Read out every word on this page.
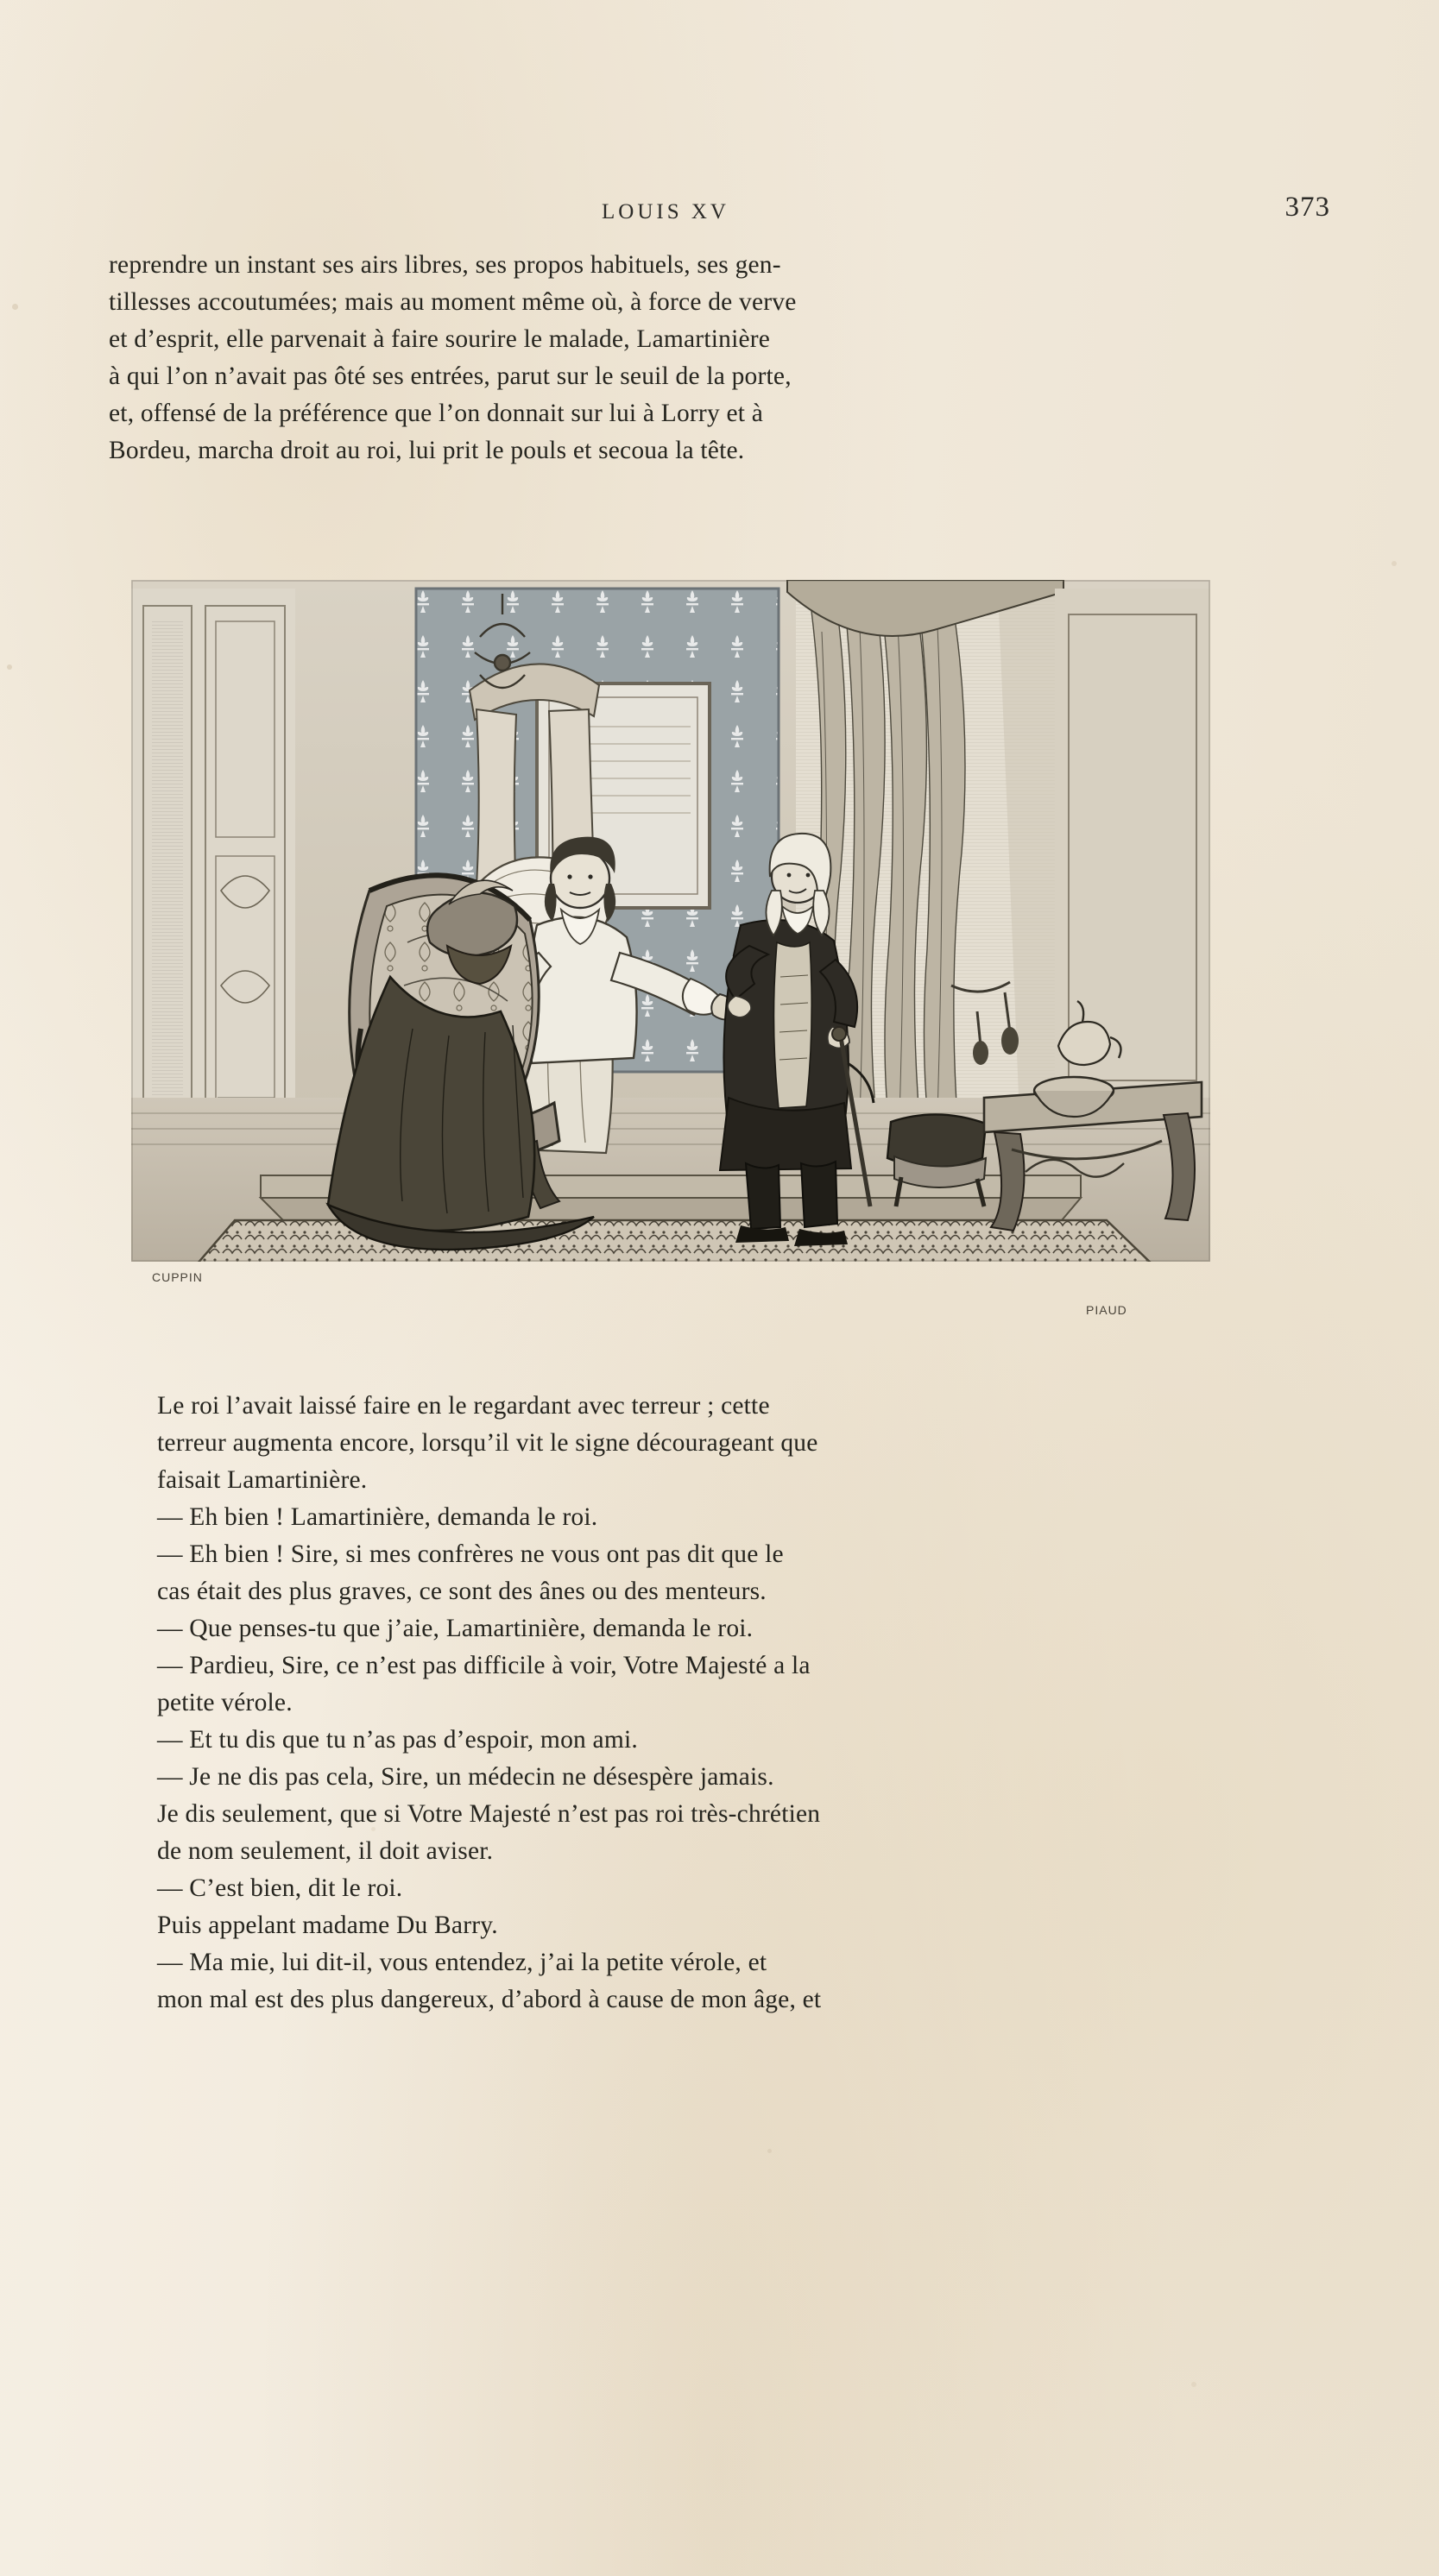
LOUIS XV	373

reprendre un instant ses airs libres, ses propos habituels, ses gen-
tillesses accoutumées; mais au moment même où, à force de verve
et d’esprit, elle parvenait à faire sourire le malade, Lamartinière
à qui l’on n’avait pas ôté ses entrées, parut sur le seuil de la porte,
et, offensé de la préférence que l’on donnait sur lui à Lorry et à
Bordeu, marcha droit au roi, lui prit le pouls et secoua la tête.

CUPPIN
PIAUD

Le roi l’avait laissé faire en le regardant avec terreur ; cette
terreur augmenta encore, lorsqu’il vit le signe décourageant que
faisait Lamartinière.

— Eh bien ! Lamartinière, demanda le roi.

— Eh bien ! Sire, si mes confrères ne vous ont pas dit que le
cas était des plus graves, ce sont des ânes ou des menteurs.

— Que penses-tu que j’aie, Lamartinière, demanda le roi.

— Pardieu, Sire, ce n’est pas difficile à voir, Votre Majesté a la
petite vérole.

— Et tu dis que tu n’as pas d’espoir, mon ami.

— Je ne dis pas cela, Sire, un médecin ne désespère jamais.
Je dis seulement, que si Votre Majesté n’est pas roi très-chrétien
de nom seulement, il doit aviser.

— C’est bien, dit le roi.

Puis appelant madame Du Barry.

— Ma mie, lui dit-il, vous entendez, j’ai la petite vérole, et
mon mal est des plus dangereux, d’abord à cause de mon âge, et
